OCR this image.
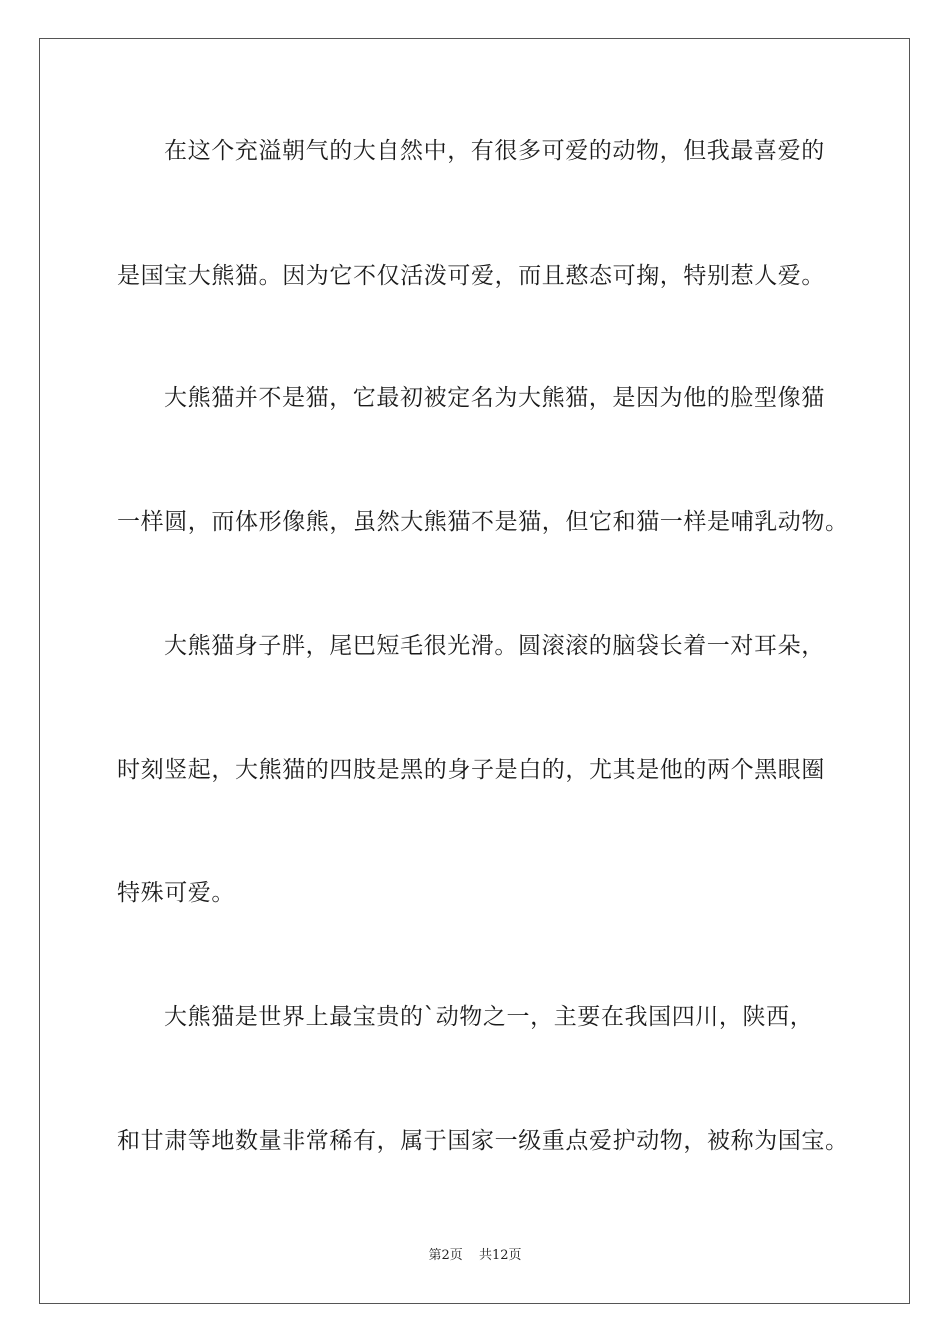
在这个充溢朝气的大自然中，有很多可爱的动物，但我最喜爱的
是国宝大熊猫。因为它不仅活泼可爱，而且憨态可掬，特别惹人爱。
大熊猫并不是猫，它最初被定名为大熊猫，是因为他的脸型像猫
一样圆，而体形像熊，虽然大熊猫不是猫，但它和猫一样是哺乳动物。
大熊猫身子胖，尾巴短毛很光滑。圆滚滚的脑袋长着一对耳朵，
时刻竖起，大熊猫的四肢是黑的身子是白的，尤其是他的两个黑眼圈
特殊可爱。
大熊猫是世界上最宝贵的`动物之一，主要在我国四川，陕西，
和甘肃等地数量非常稀有，属于国家一级重点爱护动物，被称为国宝。
第2页 共12页
